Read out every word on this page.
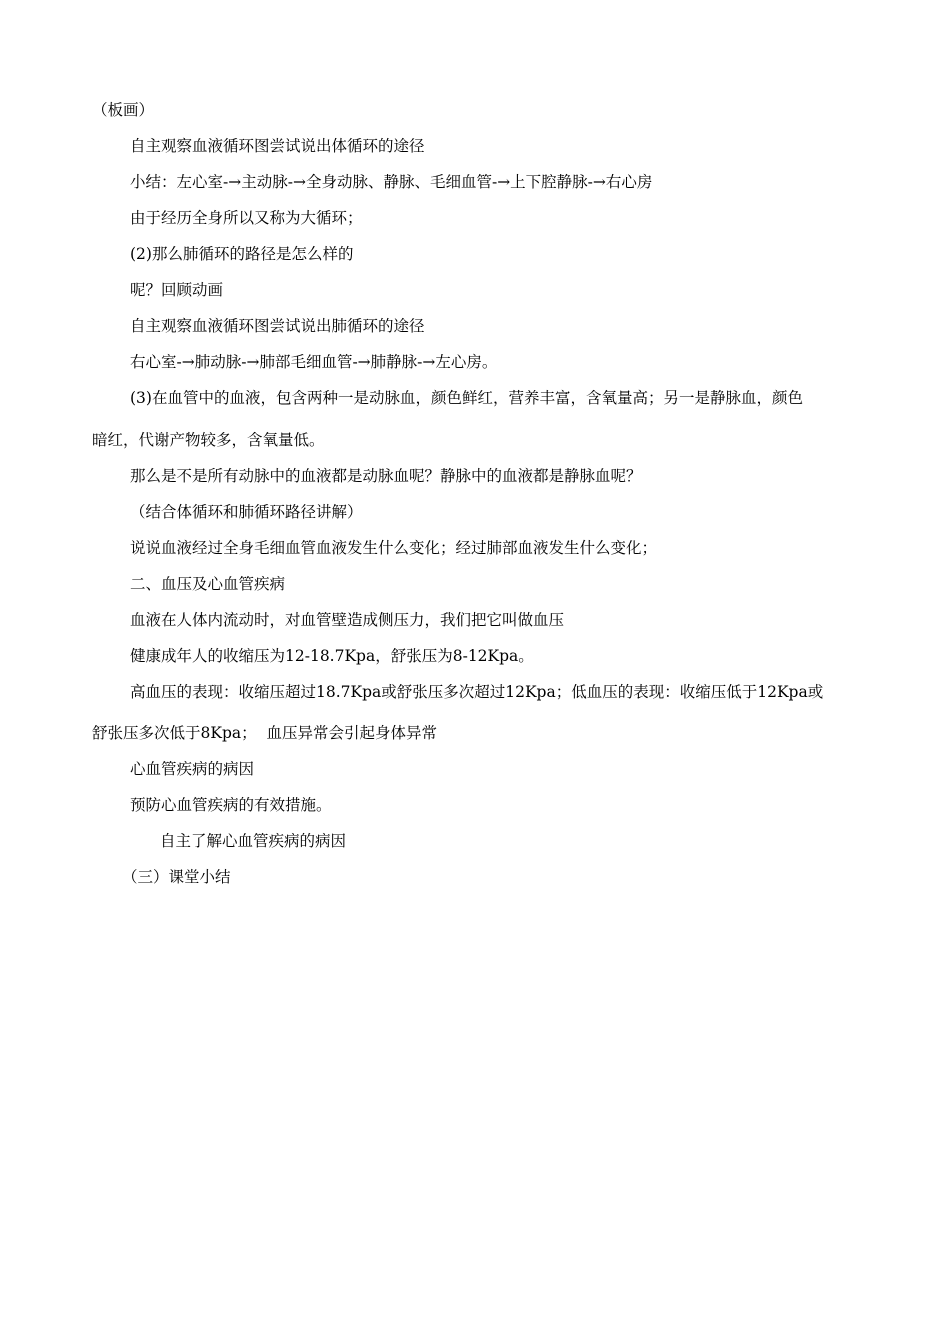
（板画）
自主观察血液循环图尝试说出体循环的途径
小结：左心室-→主动脉-→全身动脉、静脉、毛细血管-→上下腔静脉-→右心房
由于经历全身所以又称为大循环；
(2)那么肺循环的路径是怎么样的
呢？回顾动画
自主观察血液循环图尝试说出肺循环的途径
右心室-→肺动脉-→肺部毛细血管-→肺静脉-→左心房。
(3)在血管中的血液，包含两种一是动脉血，颜色鲜红，营养丰富，含氧量高；另一是静脉血，颜色
暗红，代谢产物较多，含氧量低。
那么是不是所有动脉中的血液都是动脉血呢？静脉中的血液都是静脉血呢？
（结合体循环和肺循环路径讲解）
说说血液经过全身毛细血管血液发生什么变化；经过肺部血液发生什么变化；
二、血压及心血管疾病
血液在人体内流动时，对血管壁造成侧压力，我们把它叫做血压
健康成年人的收缩压为12-18.7Kpa，舒张压为8-12Kpa。
高血压的表现：收缩压超过18.7Kpa或舒张压多次超过12Kpa；低血压的表现：收缩压低于12Kpa或
舒张压多次低于8Kpa；  血压异常会引起身体异常
心血管疾病的病因
预防心血管疾病的有效措施。
自主了解心血管疾病的病因
（三）课堂小结
